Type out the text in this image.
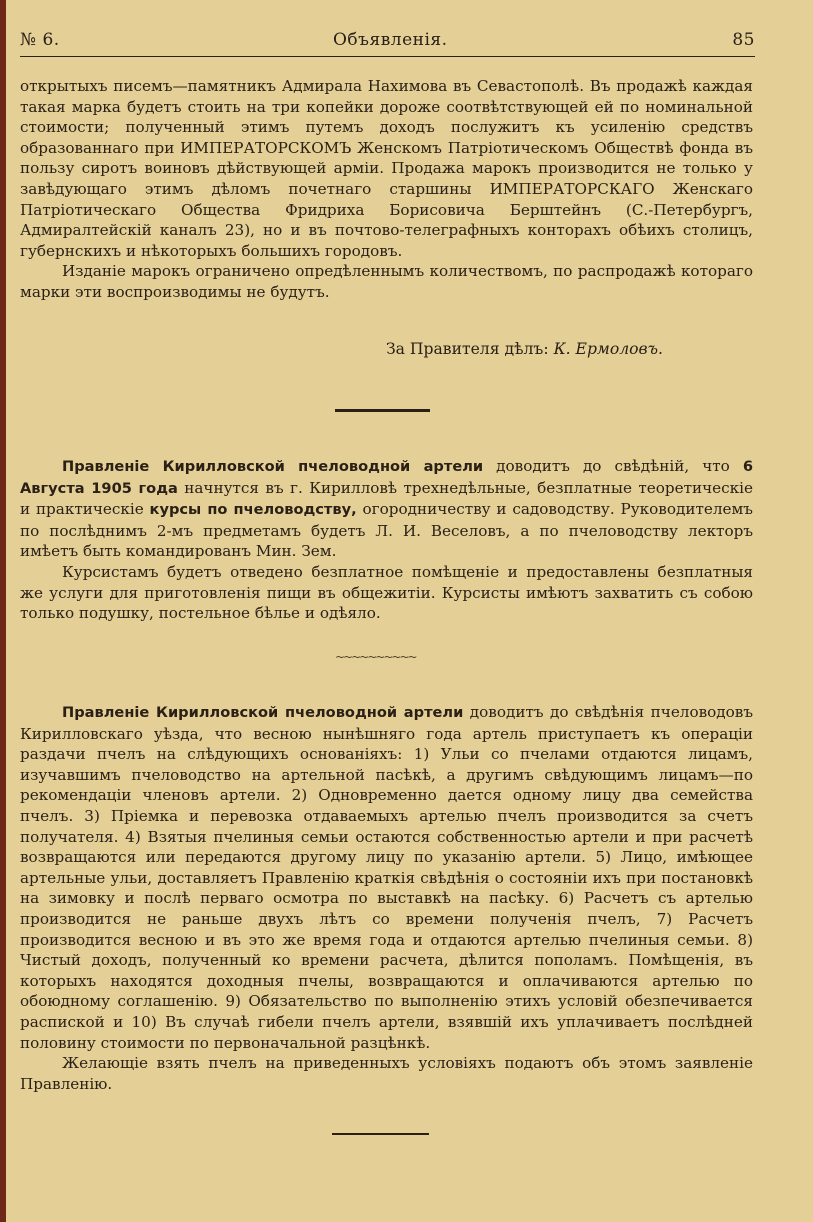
№ 6.	Объявленія.	85

открытыхъ писемъ—памятникъ Адмирала Нахимова въ Севастополѣ. Въ продажѣ каждая такая марка будетъ стоить на три копейки дороже соотвѣтствующей ей по номинальной стоимости; полученный этимъ путемъ доходъ послужитъ къ усиленію средствъ образованнаго при ИМПЕРАТОРСКОМЪ Женскомъ Патріотическомъ Обществѣ фонда въ пользу сиротъ воиновъ дѣйствующей арміи. Продажа марокъ производится не только у завѣдующаго этимъ дѣломъ почетнаго старшины ИМПЕРАТОРСКАГО Женскаго Патріотическаго Общества Фридриха Борисовича Берштейнъ (С.-Петербургъ, Адмиралтейскій каналъ 23), но и въ почтово-телеграфныхъ конторахъ обѣихъ столицъ, губернскихъ и нѣкоторыхъ большихъ городовъ.

Изданіе марокъ ограничено опредѣленнымъ количествомъ, по распродажѣ котораго марки эти воспроизводимы не будутъ.

За Правителя дѣлъ: К. Ермоловъ.

Правленіе Кирилловской пчеловодной артели доводитъ до свѣдѣній, что 6 Августа 1905 года начнутся въ г. Кирилловѣ трехнедѣльные, безплатные теоретическіе и практическіе курсы по пчеловодству, огородничеству и садоводству. Руководителемъ по послѣднимъ 2-мъ предметамъ будетъ Л. И. Веселовъ, а по пчеловодству лекторъ имѣетъ быть командированъ Мин. Зем.

Курсистамъ будетъ отведено безплатное помѣщеніе и предоставлены безплатныя же услуги для приготовленія пищи въ общежитіи. Курсисты имѣютъ захватить съ собою только подушку, постельное бѣлье и одѣяло.

~~~~~~~~~~

Правленіе Кирилловской пчеловодной артели доводитъ до свѣдѣнія пчеловодовъ Кирилловскаго уѣзда, что весною нынѣшняго года артель приступаетъ къ операціи раздачи пчелъ на слѣдующихъ основаніяхъ: 1) Ульи со пчелами отдаются лицамъ, изучавшимъ пчеловодство на артельной пасѣкѣ, а другимъ свѣдующимъ лицамъ—по рекомендаціи членовъ артели. 2) Одновременно дается одному лицу два семейства пчелъ. 3) Пріемка и перевозка отдаваемыхъ артелью пчелъ производится за счетъ получателя. 4) Взятыя пчелиныя семьи остаются собственностью артели и при расчетѣ возвращаются или передаются другому лицу по указанію артели. 5) Лицо, имѣющее артельные ульи, доставляетъ Правленію краткія свѣдѣнія о состояніи ихъ при постановкѣ на зимовку и послѣ перваго осмотра по выставкѣ на пасѣку. 6) Расчетъ съ артелью производится не раньше двухъ лѣтъ со времени полученія пчелъ, 7) Расчетъ производится весною и въ это же время года и отдаются артелью пчелиныя семьи. 8) Чистый доходъ, полученный ко времени расчета, дѣлится пополамъ. Помѣщенія, въ которыхъ находятся доходныя пчелы, возвращаются и оплачиваются артелью по обоюдному соглашенію. 9) Обязательство по выполненію этихъ условій обезпечивается распиской и 10) Въ случаѣ гибели пчелъ артели, взявшій ихъ уплачиваетъ послѣдней половину стоимости по первоначальной разцѣнкѣ.

Желающіе взять пчелъ на приведенныхъ условіяхъ подаютъ объ этомъ заявленіе Правленію.
